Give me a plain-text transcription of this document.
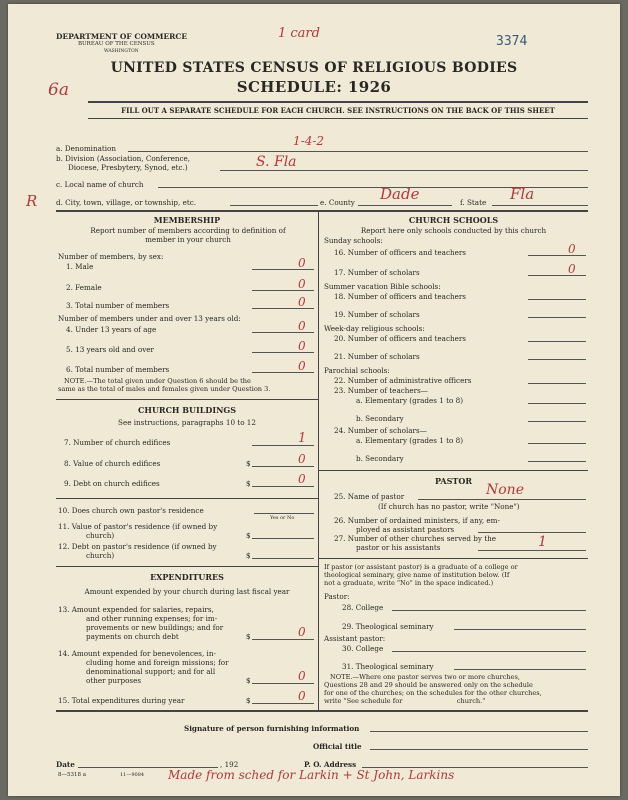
DEPARTMENT OF COMMERCE
BUREAU OF THE CENSUS
WASHINGTON
1 card
3374
6a
UNITED STATES CENSUS OF RELIGIOUS BODIES
SCHEDULE: 1926
FILL OUT A SEPARATE SCHEDULE FOR EACH CHURCH. SEE INSTRUCTIONS ON THE BACK OF THIS SHEET
a. Denomination
1-4-2
b. Division (Association, Conference,
Diocese, Presbytery, Synod, etc.)	S. Fla
c. Local name of church
R	d. City, town, village, or township, etc.	e. County Dade	f. State Fla
MEMBERSHIP
Report number of members according to definition of
member in your church
Number of members, by sex:
1. Male	0
2. Female	0
3. Total number of members	0
Number of members under and over 13 years old:
4. Under 13 years of age	0
5. 13 years old and over	0
6. Total number of members	0
NOTE.—The total given under Question 6 should be the
same as the total of males and females given under Question 3.
CHURCH BUILDINGS
See instructions, paragraphs 10 to 12
7. Number of church edifices	1
8. Value of church edifices	$	0
9. Debt on church edifices	$	0
10. Does church own pastor's residence
Yes or No
11. Value of pastor's residence (if owned by
church)	$
12. Debt on pastor's residence (if owned by
church)	$
EXPENDITURES
Amount expended by your church during last fiscal year
13. Amount expended for salaries, repairs,
and other running expenses; for im-
provements or new buildings; and for
payments on church debt	$	0
14. Amount expended for benevolences, in-
cluding home and foreign missions; for
denominational support; and for all
other purposes	$	0
15. Total expenditures during year	$	0
CHURCH SCHOOLS
Report here only schools conducted by this church
Sunday schools:
16. Number of officers and teachers	0
17. Number of scholars	0
Summer vacation Bible schools:
18. Number of officers and teachers
19. Number of scholars
Week-day religious schools:
20. Number of officers and teachers
21. Number of scholars
Parochial schools:
22. Number of administrative officers
23. Number of teachers—
a. Elementary (grades 1 to 8)
b. Secondary
24. Number of scholars—
a. Elementary (grades 1 to 8)
b. Secondary
PASTOR
25. Name of pastor	None
(If church has no pastor, write "None")
26. Number of ordained ministers, if any, em-
ployed as assistant pastors
27. Number of other churches served by the
pastor or his assistants	1
If pastor (or assistant pastor) is a graduate of a college or
theological seminary, give name of institution below. (If
not a graduate, write "No" in the space indicated.)
Pastor:
28. College
29. Theological seminary
Assistant pastor:
30. College
31. Theological seminary
NOTE.—Where one pastor serves two or more churches,
Questions 28 and 29 should be answered only on the schedule
for one of the churches; on the schedules for the other churches,
write "See schedule for                          church."
Signature of person furnishing information
Official title
Date	, 192	P. O. Address
8—5318 a	11—9084 Made from sched for Larkin + St John, Larkins
